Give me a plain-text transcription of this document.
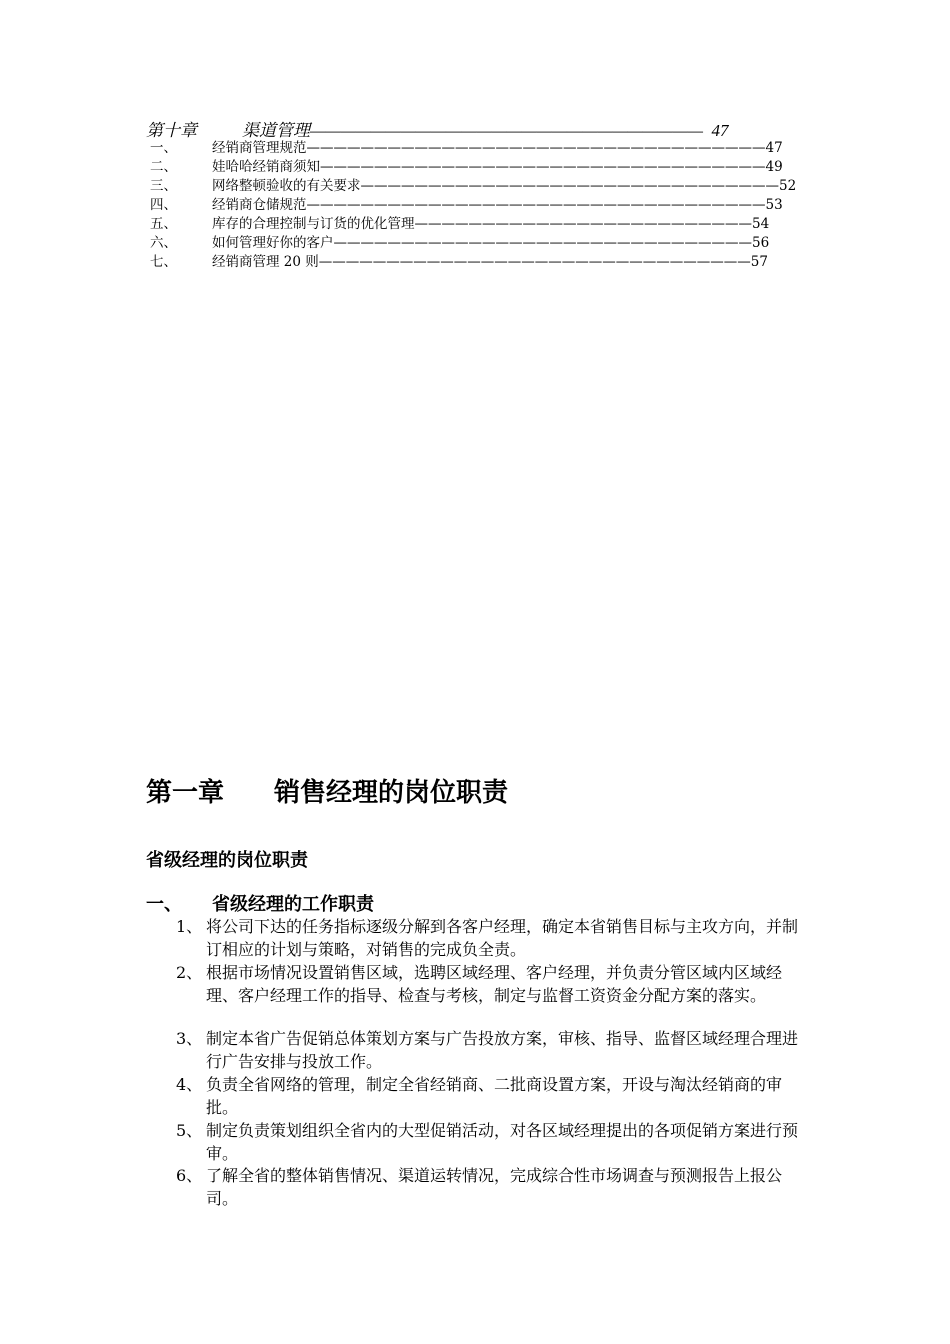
第十章	渠道管理——————————————————————————  47
一、	经销商管理规范——————————————————————————————————47
二、	娃哈哈经销商须知—————————————————————————————————49
三、	网络整顿验收的有关要求———————————————————————————————52
四、	经销商仓储规范——————————————————————————————————53
五、	库存的合理控制与订货的优化管理—————————————————————————54
六、	如何管理好你的客户———————————————————————————————56
七、	经销商管理 20 则————————————————————————————————57
第一章 销售经理的岗位职责
省级经理的岗位职责
一、 省级经理的工作职责
1、 将公司下达的任务指标逐级分解到各客户经理，确定本省销售目标与主攻方向，并制订相应的计划与策略，对销售的完成负全责。
2、 根据市场情况设置销售区域，选聘区域经理、客户经理，并负责分管区域内区域经理、客户经理工作的指导、检查与考核，制定与监督工资资金分配方案的落实。
3、 制定本省广告促销总体策划方案与广告投放方案，审核、指导、监督区域经理合理进行广告安排与投放工作。
4、 负责全省网络的管理，制定全省经销商、二批商设置方案，开设与淘汰经销商的审批。
5、 制定负责策划组织全省内的大型促销活动，对各区域经理提出的各项促销方案进行预审。
6、 了解全省的整体销售情况、渠道运转情况，完成综合性市场调查与预测报告上报公司。
